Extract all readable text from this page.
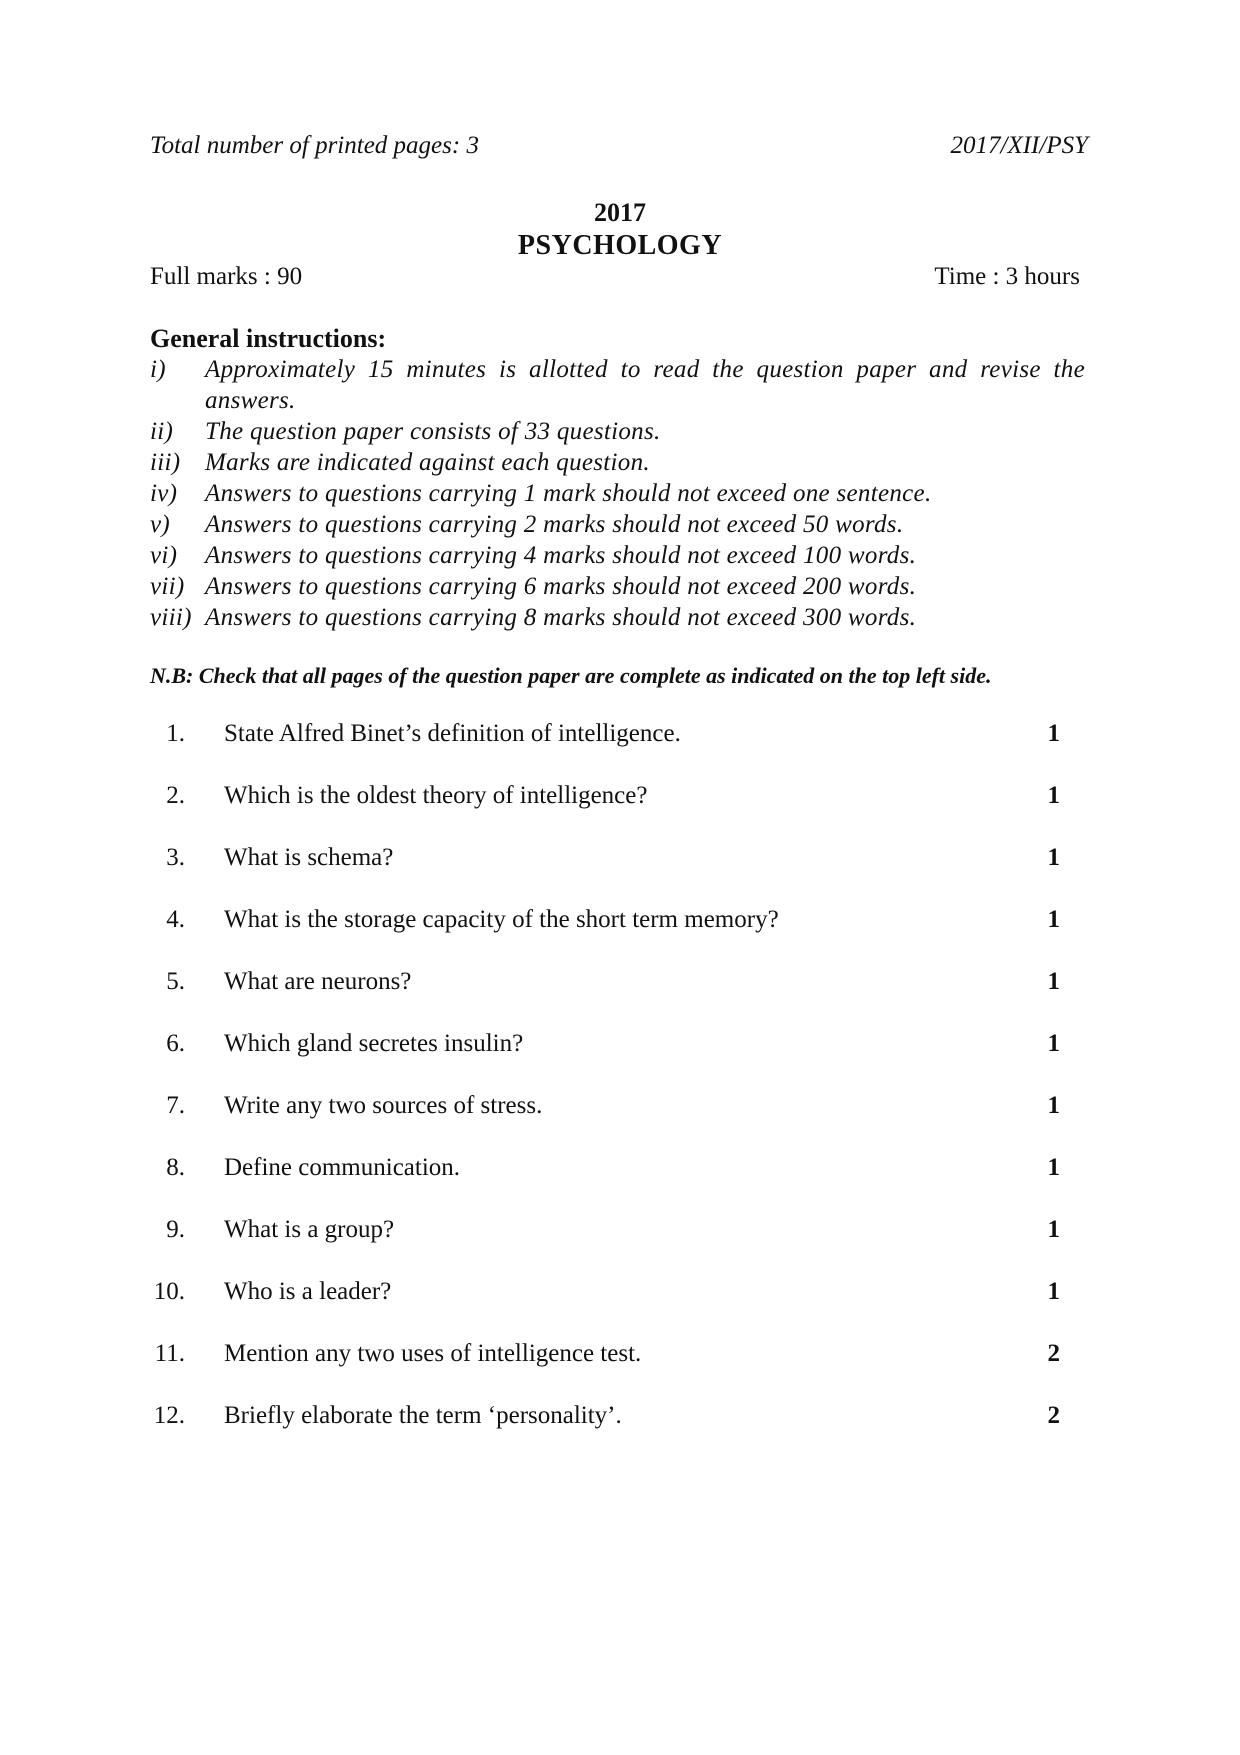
Total number of printed pages: 3	2017/XII/PSY
2017
PSYCHOLOGY
Full marks : 90	Time : 3 hours
General instructions:
i)	Approximately 15 minutes is allotted to read the question paper and revise the answers.
ii)	The question paper consists of 33 questions.
iii) Marks are indicated against each question.
iv)	Answers to questions carrying 1 mark should not exceed one sentence.
v)	Answers to questions carrying 2 marks should not exceed 50 words.
vi)	Answers to questions carrying 4 marks should not exceed 100 words.
vii) Answers to questions carrying 6 marks should not exceed 200 words.
viii) Answers to questions carrying 8 marks should not exceed 300 words.
N.B: Check that all pages of the question paper are complete as indicated on the top left side.
1. State Alfred Binet’s definition of intelligence.	1
2. Which is the oldest theory of intelligence?	1
3. What is schema?	1
4. What is the storage capacity of the short term memory?	1
5. What are neurons?	1
6. Which gland secretes insulin?	1
7. Write any two sources of stress.	1
8. Define communication.	1
9. What is a group?	1
10. Who is a leader?	1
11. Mention any two uses of intelligence test.	2
12. Briefly elaborate the term ‘personality’.	2
